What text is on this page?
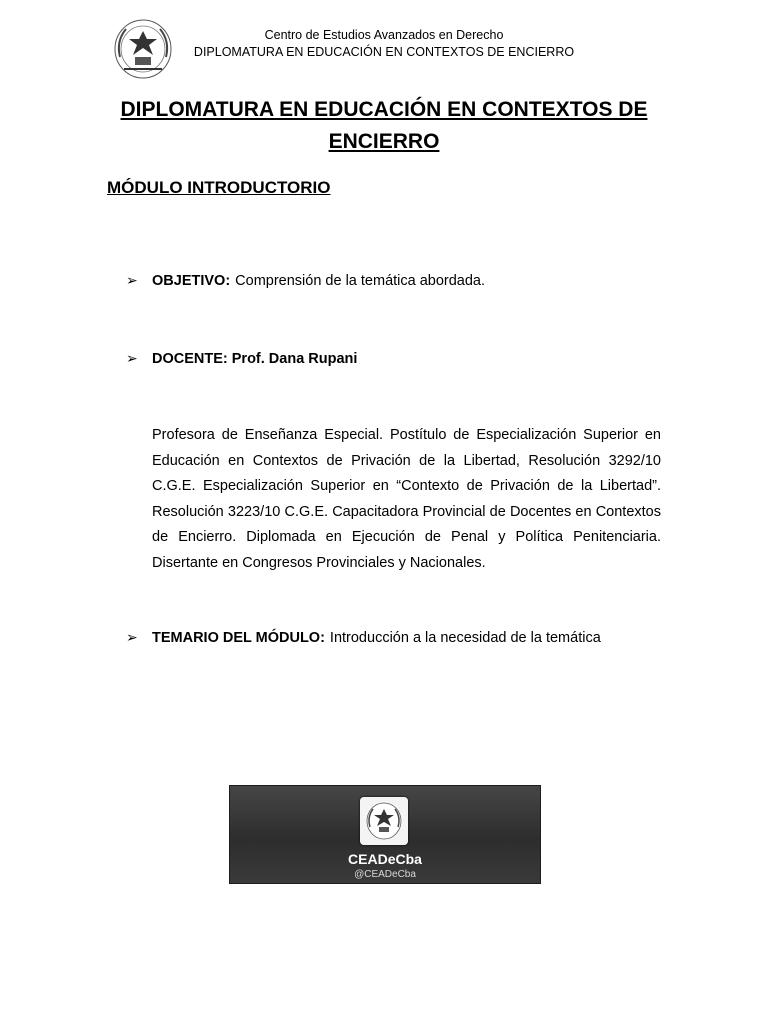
Centro de Estudios Avanzados en Derecho
DIPLOMATURA EN EDUCACIÓN EN CONTEXTOS DE ENCIERRO
DIPLOMATURA EN EDUCACIÓN EN CONTEXTOS DE ENCIERRO
MÓDULO INTRODUCTORIO
➢ OBJETIVO: Comprensión de la temática abordada.
➢ DOCENTE: Prof. Dana Rupani
Profesora de Enseñanza Especial. Postítulo de Especialización Superior en Educación en Contextos de Privación de la Libertad, Resolución 3292/10 C.G.E. Especialización Superior en “Contexto de Privación de la Libertad”. Resolución 3223/10 C.G.E. Capacitadora Provincial de Docentes en Contextos de Encierro. Diplomada en Ejecución de Penal y Política Penitenciaria. Disertante en Congresos Provinciales y Nacionales.
➢ TEMARIO DEL MÓDULO: Introducción a la necesidad de la temática
CEADeCba
@CEADeCba
